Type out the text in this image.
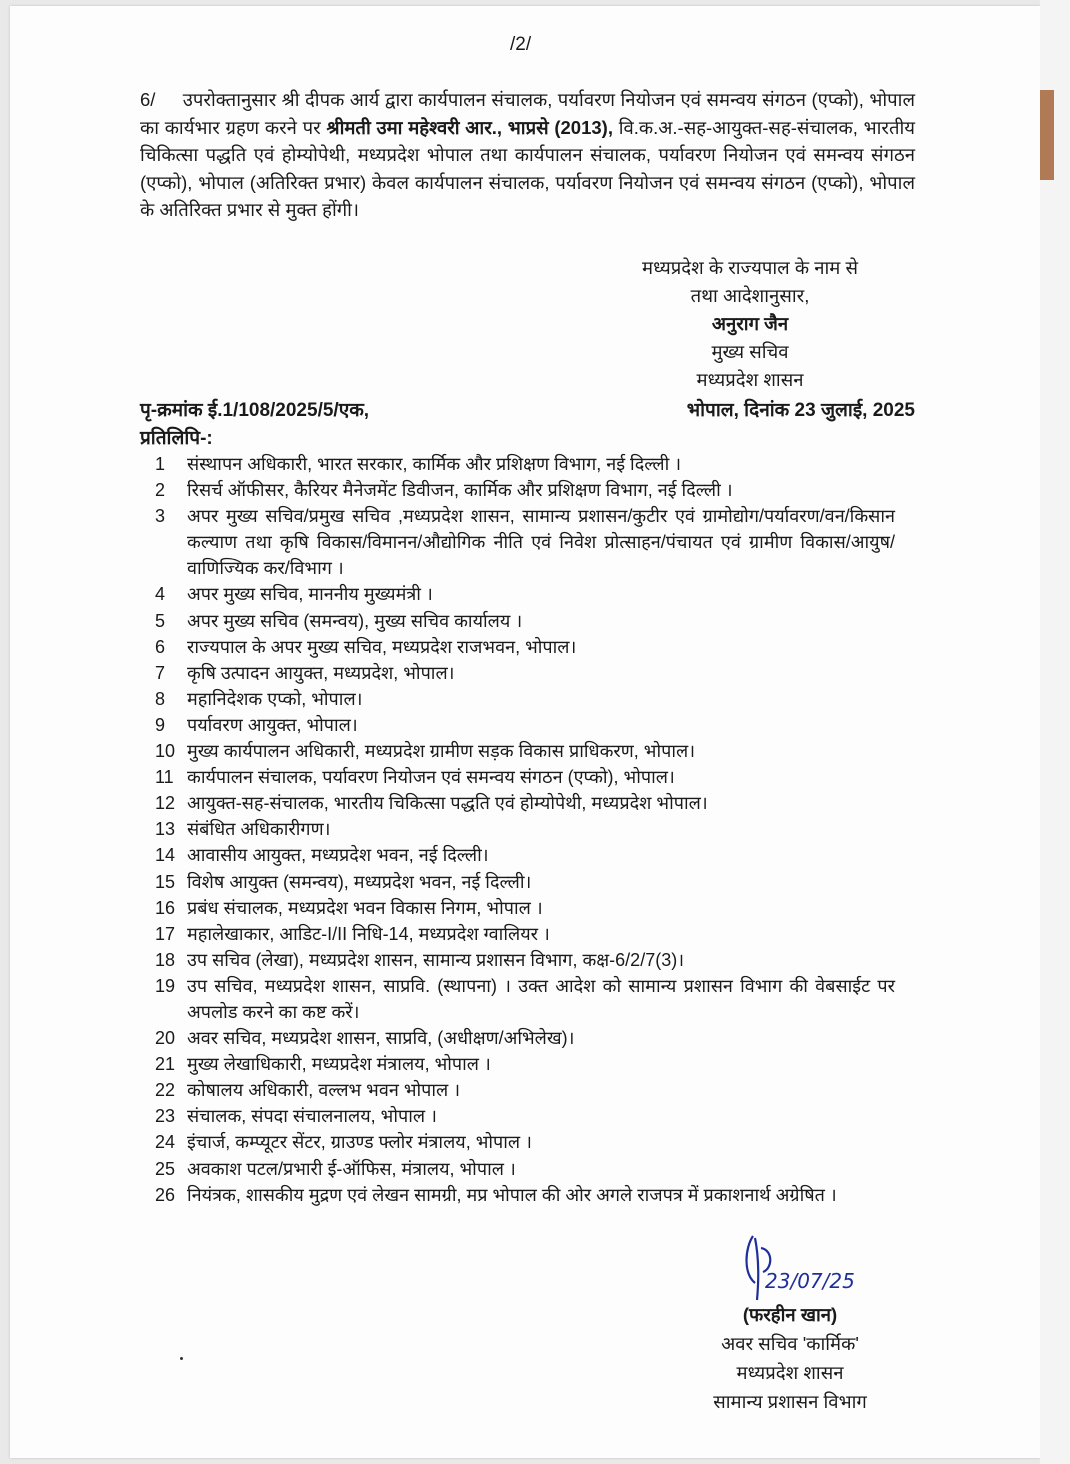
/2/
6/ उपरोक्तानुसार श्री दीपक आर्य द्वारा कार्यपालन संचालक, पर्यावरण नियोजन एवं समन्वय संगठन (एप्को), भोपाल का कार्यभार ग्रहण करने पर श्रीमती उमा महेश्वरी आर., भाप्रसे (2013), वि.क.अ.-सह-आयुक्त-सह-संचालक, भारतीय चिकित्सा पद्धति एवं होम्योपेथी, मध्यप्रदेश भोपाल तथा कार्यपालन संचालक, पर्यावरण नियोजन एवं समन्वय संगठन (एप्को), भोपाल (अतिरिक्त प्रभार) केवल कार्यपालन संचालक, पर्यावरण नियोजन एवं समन्वय संगठन (एप्को), भोपाल के अतिरिक्त प्रभार से मुक्त होंगी।
मध्यप्रदेश के राज्यपाल के नाम से
तथा आदेशानुसार,
अनुराग जैन
मुख्य सचिव
मध्यप्रदेश शासन
पृ-क्रमांक ई.1/108/2025/5/एक,	भोपाल, दिनांक 23 जुलाई, 2025
प्रतिलिपि-:
1	संस्थापन अधिकारी, भारत सरकार, कार्मिक और प्रशिक्षण विभाग, नई दिल्ली ।
2	रिसर्च ऑफीसर, कैरियर मैनेजमेंट डिवीजन, कार्मिक और प्रशिक्षण विभाग, नई दिल्ली ।
3	अपर मुख्य सचिव/प्रमुख सचिव ,मध्यप्रदेश शासन, सामान्य प्रशासन/कुटीर एवं ग्रामोद्योग/पर्यावरण/वन/किसान कल्याण तथा कृषि विकास/विमानन/औद्योगिक नीति एवं निवेश प्रोत्साहन/पंचायत एवं ग्रामीण विकास/आयुष/ वाणिज्यिक कर/विभाग ।
4	अपर मुख्य सचिव, माननीय मुख्यमंत्री ।
5	अपर मुख्य सचिव (समन्वय), मुख्य सचिव कार्यालय ।
6	राज्यपाल के अपर मुख्य सचिव, मध्यप्रदेश राजभवन, भोपाल।
7	कृषि उत्पादन आयुक्त, मध्यप्रदेश, भोपाल।
8	महानिदेशक एप्को, भोपाल।
9	पर्यावरण आयुक्त, भोपाल।
10 मुख्य कार्यपालन अधिकारी, मध्यप्रदेश ग्रामीण सड़क विकास प्राधिकरण, भोपाल।
11 कार्यपालन संचालक, पर्यावरण नियोजन एवं समन्वय संगठन (एप्को), भोपाल।
12 आयुक्त-सह-संचालक, भारतीय चिकित्सा पद्धति एवं होम्योपेथी, मध्यप्रदेश भोपाल।
13 संबंधित अधिकारीगण।
14 आवासीय आयुक्त, मध्यप्रदेश भवन, नई दिल्ली।
15 विशेष आयुक्त (समन्वय), मध्यप्रदेश भवन, नई दिल्ली।
16 प्रबंध संचालक, मध्यप्रदेश भवन विकास निगम, भोपाल ।
17 महालेखाकार, आडिट-I/II निधि-14, मध्यप्रदेश ग्वालियर ।
18 उप सचिव (लेखा), मध्यप्रदेश शासन, सामान्य प्रशासन विभाग, कक्ष-6/2/7(3)।
19 उप सचिव, मध्यप्रदेश शासन, साप्रवि. (स्थापना) । उक्त आदेश को सामान्य प्रशासन विभाग की वेबसाईट पर अपलोड करने का कष्ट करें।
20 अवर सचिव, मध्यप्रदेश शासन, साप्रवि, (अधीक्षण/अभिलेख)।
21 मुख्य लेखाधिकारी, मध्यप्रदेश मंत्रालय, भोपाल ।
22 कोषालय अधिकारी, वल्लभ भवन भोपाल ।
23 संचालक, संपदा संचालनालय, भोपाल ।
24 इंचार्ज, कम्प्यूटर सेंटर, ग्राउण्ड फ्लोर मंत्रालय, भोपाल ।
25 अवकाश पटल/प्रभारी ई-ऑफिस, मंत्रालय, भोपाल ।
26 नियंत्रक, शासकीय मुद्रण एवं लेखन सामग्री, मप्र भोपाल की ओर अगले राजपत्र में प्रकाशनार्थ अग्रेषित ।
23/07/25
(फरहीन खान)
अवर सचिव 'कार्मिक'
मध्यप्रदेश शासन
सामान्य प्रशासन विभाग
